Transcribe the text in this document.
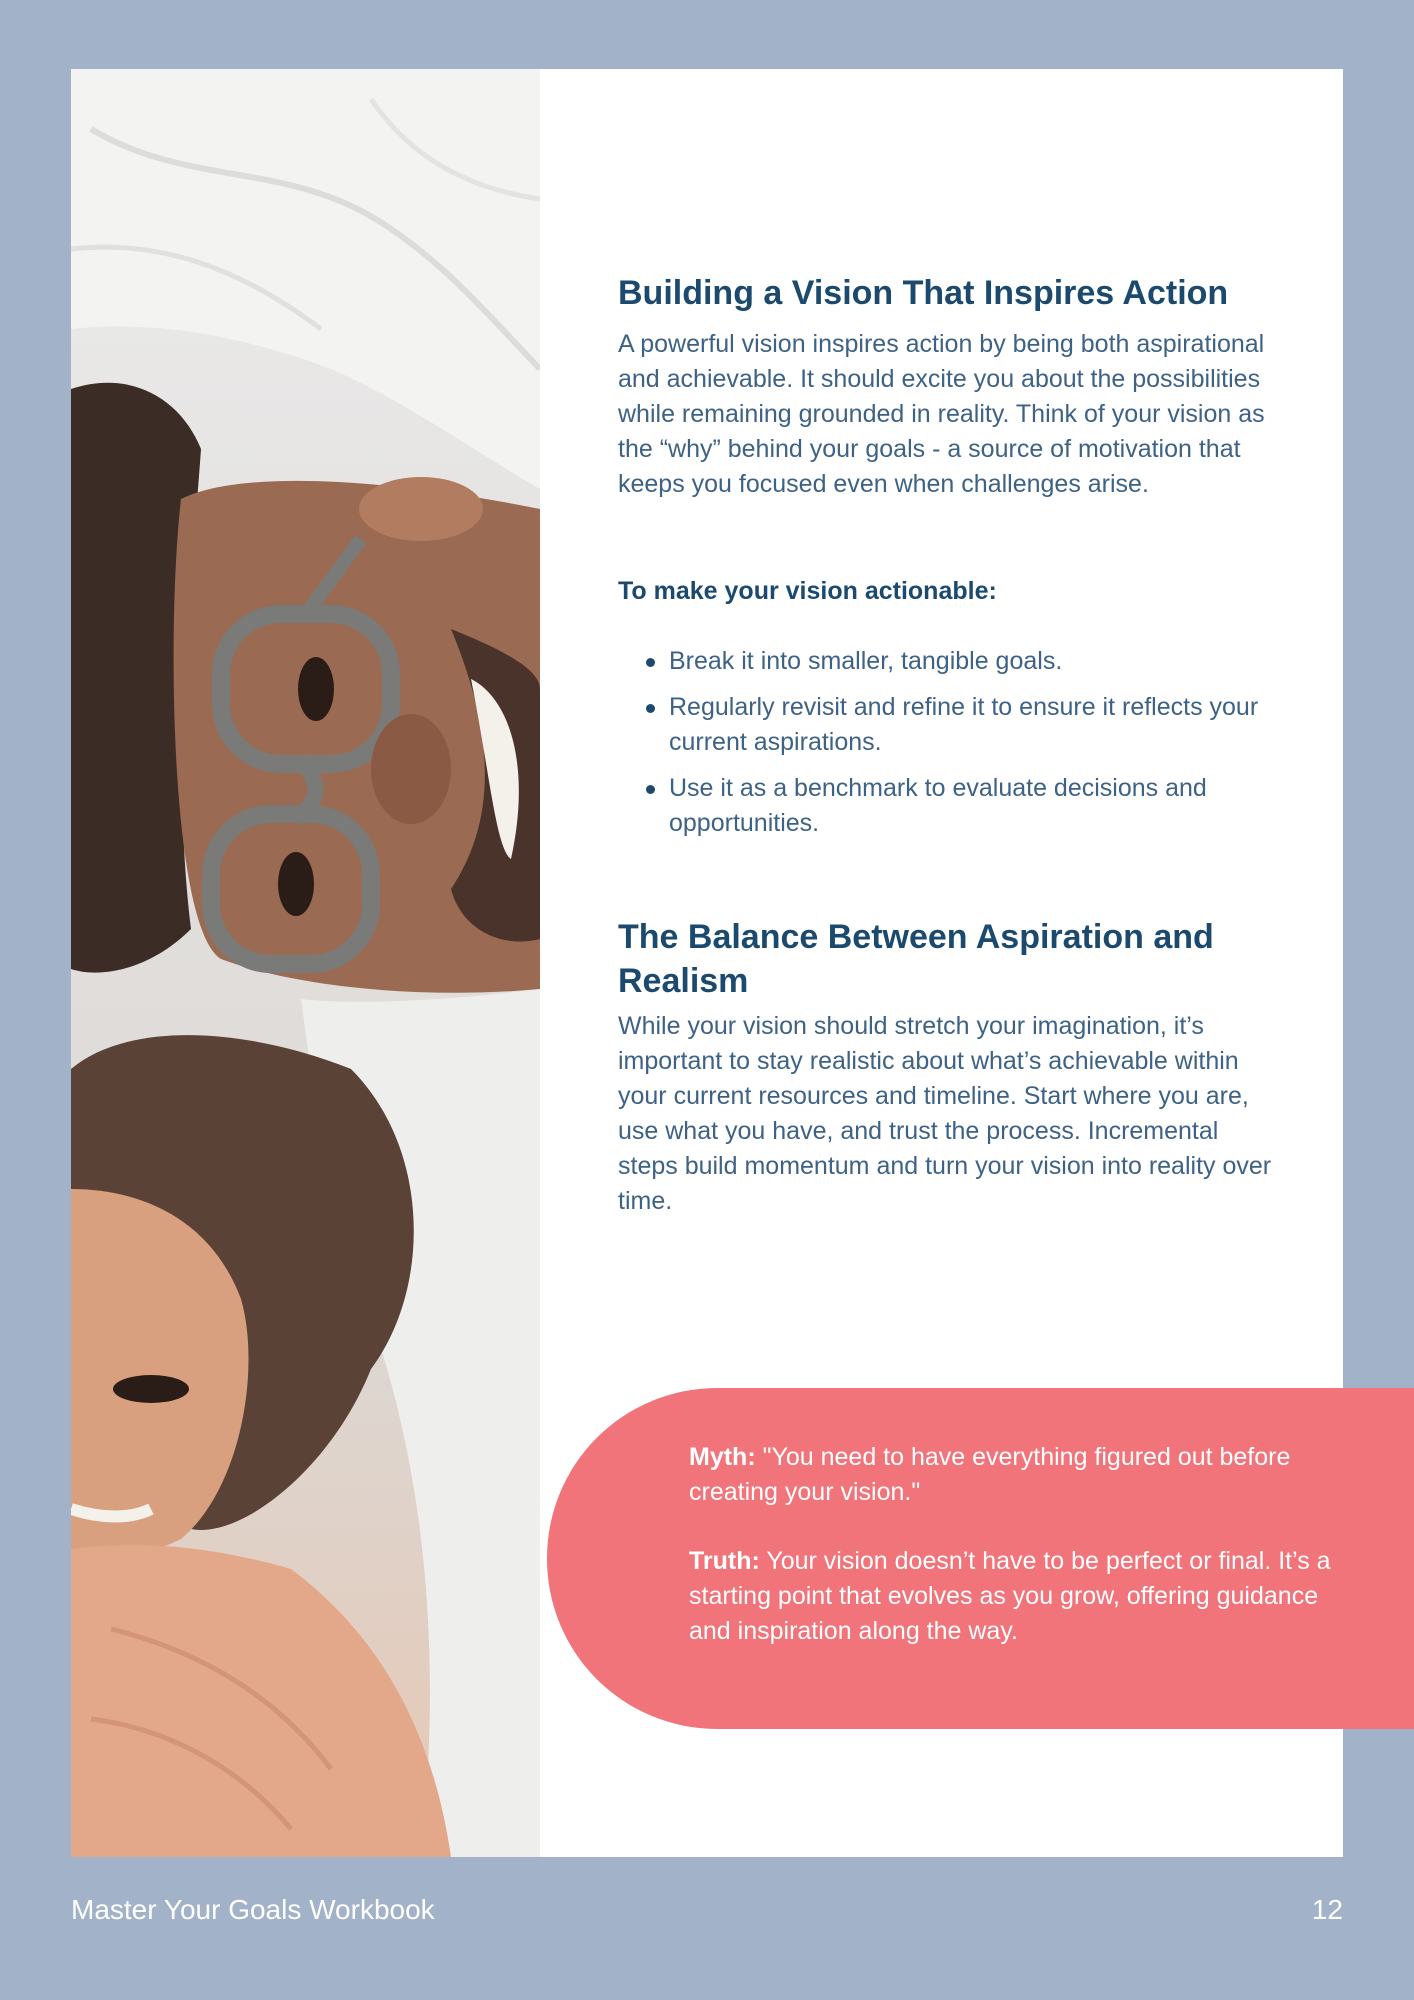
Building a Vision That Inspires Action

A powerful vision inspires action by being both aspirational and achievable. It should excite you about the possibilities while remaining grounded in reality. Think of your vision as the “why” behind your goals - a source of motivation that keeps you focused even when challenges arise.

To make your vision actionable:

Break it into smaller, tangible goals.
Regularly revisit and refine it to ensure it reflects your current aspirations.
Use it as a benchmark to evaluate decisions and opportunities.
The Balance Between Aspiration and Realism

While your vision should stretch your imagination, it’s important to stay realistic about what’s achievable within your current resources and timeline. Start where you are, use what you have, and trust the process. Incremental steps build momentum and turn your vision into reality over time.

Myth: "You need to have everything figured out before creating your vision."

Truth: Your vision doesn’t have to be perfect or final. It’s a starting point that evolves as you grow, offering guidance and inspiration along the way.

Master Your Goals Workbook	12
